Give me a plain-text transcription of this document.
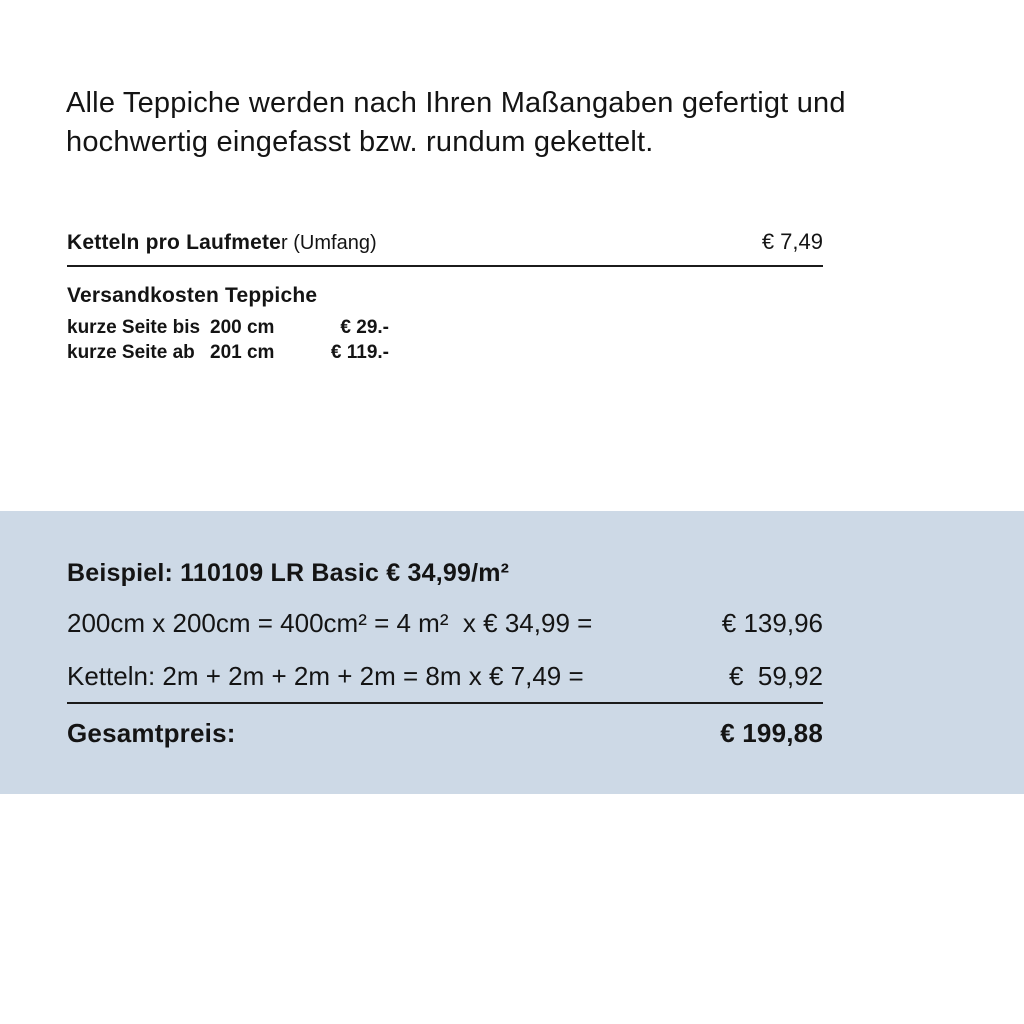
Alle Teppiche werden nach Ihren Maßangaben gefertigt und
hochwertig eingefasst bzw. rundum gekettelt.

Ketteln pro Laufmeter (Umfang)	€ 7,49
Versandkosten Teppiche
kurze Seite bis 200 cm	€ 29.-
kurze Seite ab 201 cm	€ 119.-
Beispiel: 110109 LR Basic € 34,99/m²
200cm x 200cm = 400cm² = 4 m²  x € 34,99 =	€ 139,96
Ketteln: 2m + 2m + 2m + 2m = 8m x € 7,49 =	€  59,92
Gesamtpreis:	€ 199,88
